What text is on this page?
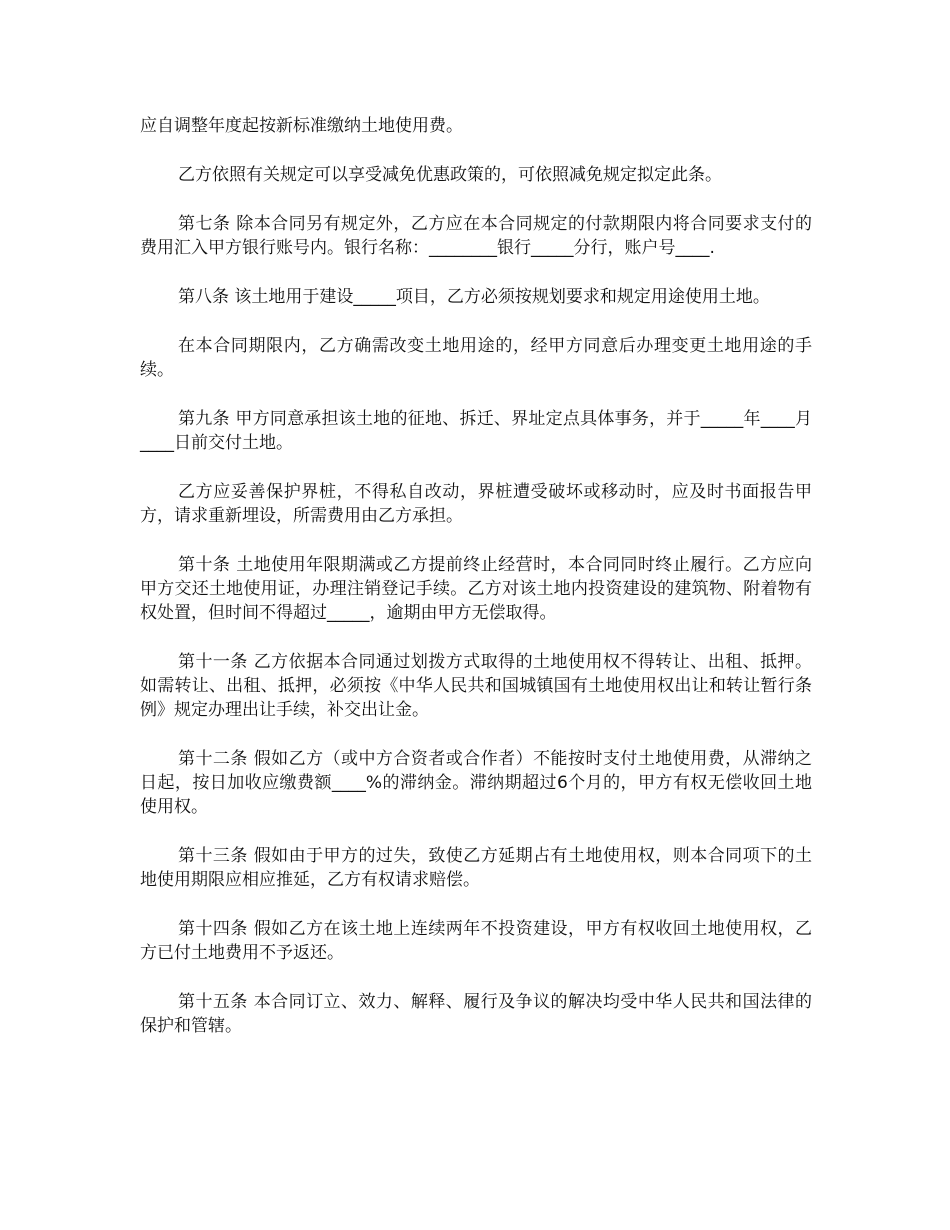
应自调整年度起按新标准缴纳土地使用费。

乙方依照有关规定可以享受减免优惠政策的，可依照减免规定拟定此条。

第七条 除本合同另有规定外，乙方应在本合同规定的付款期限内将合同要求支付的费用汇入甲方银行账号内。银行名称：________银行_____分行，账户号____.

第八条 该土地用于建设_____项目，乙方必须按规划要求和规定用途使用土地。

在本合同期限内，乙方确需改变土地用途的，经甲方同意后办理变更土地用途的手续。

第九条 甲方同意承担该土地的征地、拆迁、界址定点具体事务，并于_____年____月____日前交付土地。

乙方应妥善保护界桩，不得私自改动，界桩遭受破坏或移动时，应及时书面报告甲方，请求重新埋设，所需费用由乙方承担。

第十条 土地使用年限期满或乙方提前终止经营时，本合同同时终止履行。乙方应向甲方交还土地使用证，办理注销登记手续。乙方对该土地内投资建设的建筑物、附着物有权处置，但时间不得超过_____，逾期由甲方无偿取得。

第十一条 乙方依据本合同通过划拨方式取得的土地使用权不得转让、出租、抵押。如需转让、出租、抵押，必须按《中华人民共和国城镇国有土地使用权出让和转让暂行条例》规定办理出让手续，补交出让金。

第十二条 假如乙方（或中方合资者或合作者）不能按时支付土地使用费，从滞纳之日起，按日加收应缴费额____%的滞纳金。滞纳期超过6个月的，甲方有权无偿收回土地使用权。

第十三条 假如由于甲方的过失，致使乙方延期占有土地使用权，则本合同项下的土地使用期限应相应推延，乙方有权请求赔偿。

第十四条 假如乙方在该土地上连续两年不投资建设，甲方有权收回土地使用权，乙方已付土地费用不予返还。

第十五条 本合同订立、效力、解释、履行及争议的解决均受中华人民共和国法律的保护和管辖。
